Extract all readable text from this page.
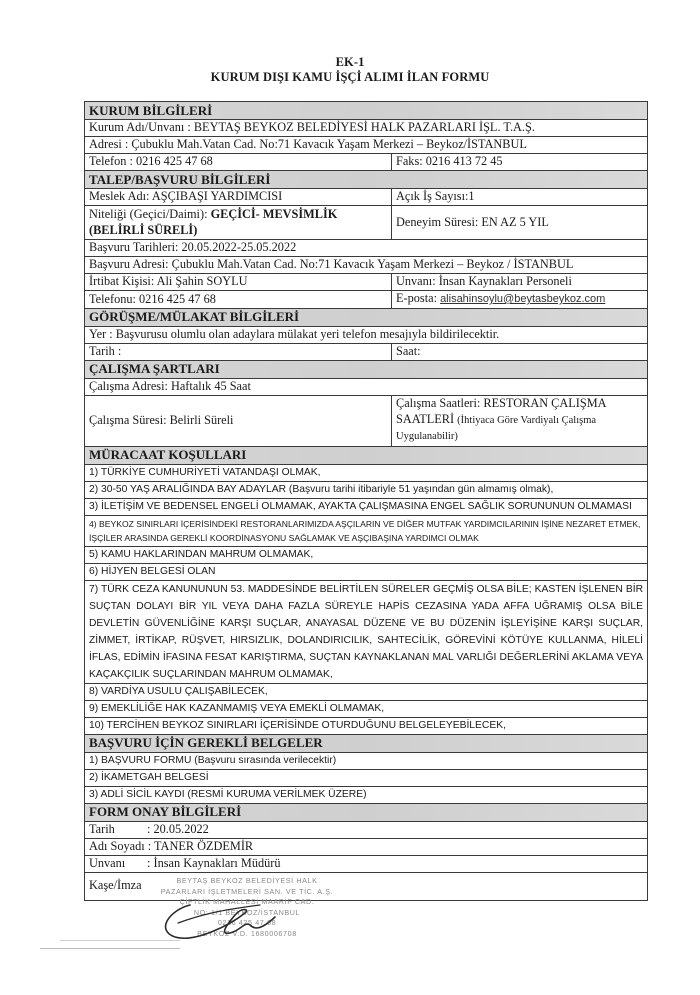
EK-1
KURUM DIŞI KAMU İŞÇİ ALIMI İLAN FORMU
KURUM BİLGİLERİ	
Kurum Adı/Unvanı : BEYTAŞ BEYKOZ BELEDİYESİ HALK PAZARLARI İŞL. T.A.Ş.	
Adresi : Çubuklu Mah.Vatan Cad. No:71 Kavacık Yaşam Merkezi – Beykoz/İSTANBUL	
Telefon : 0216 425 47 68	Faks: 0216 413 72 45
TALEP/BAŞVURU BİLGİLERİ	
Meslek Adı: AŞÇIBAŞI YARDIMCISI	Açık İş Sayısı:1
Niteliği (Geçici/Daimi): GEÇİCİ- MEVSİMLİK (BELİRLİ SÜRELİ)	Deneyim Süresi: EN AZ 5 YIL
Başvuru Tarihleri: 20.05.2022-25.05.2022	
Başvuru Adresi: Çubuklu Mah.Vatan Cad. No:71 Kavacık Yaşam Merkezi – Beykoz / İSTANBUL	
İrtibat Kişisi: Ali Şahin SOYLU	Unvanı: İnsan Kaynakları Personeli
Telefonu: 0216 425 47 68	E-posta: alisahinsoylu@beytasbeykoz.com
GÖRÜŞME/MÜLAKAT BİLGİLERİ	
Yer : Başvurusu olumlu olan adaylara mülakat yeri telefon mesajıyla bildirilecektir.	
Tarih :	Saat:
ÇALIŞMA ŞARTLARI	
Çalışma Adresi: Haftalık 45 Saat	
Çalışma Süresi: Belirli Süreli	Çalışma Saatleri: RESTORAN ÇALIŞMA
SAATLERİ (İhtiyaca Göre Vardiyalı Çalışma Uygulanabilir)
MÜRACAAT KOŞULLARI	
1) TÜRKİYE CUMHURİYETİ VATANDAŞI OLMAK,	
2) 30-50 YAŞ ARALIĞINDA BAY ADAYLAR (Başvuru tarihi itibariyle 51 yaşından gün almamış olmak),	
3) İLETİŞİM VE BEDENSEL ENGELİ OLMAMAK, AYAKTA ÇALIŞMASINA ENGEL SAĞLIK SORUNUNUN OLMAMASI	
4) BEYKOZ SINIRLARI İÇERİSİNDEKİ RESTORANLARIMIZDA AŞÇILARIN VE DİĞER MUTFAK YARDIMCILARININ İŞİNE NEZARET ETMEK, İŞÇİLER ARASINDA GEREKLİ KOORDİNASYONU SAĞLAMAK VE AŞÇIBAŞINA YARDIMCI OLMAK	
5) KAMU HAKLARINDAN MAHRUM OLMAMAK,	
6) HİJYEN BELGESİ OLAN	
7) TÜRK CEZA KANUNUNUN 53. MADDESİNDE BELİRTİLEN SÜRELER GEÇMİŞ OLSA BİLE; KASTEN İŞLENEN BİR SUÇTAN DOLAYI BİR YIL VEYA DAHA FAZLA SÜREYLE HAPİS CEZASINA YADA AFFA UĞRAMIŞ OLSA BİLE DEVLETİN GÜVENLİĞİNE KARŞI SUÇLAR, ANAYASAL DÜZENE VE BU DÜZENİN İŞLEYİŞİNE KARŞI SUÇLAR, ZİMMET, İRTİKAP, RÜŞVET, HIRSIZLIK, DOLANDIRICILIK, SAHTECİLİK, GÖREVİNİ KÖTÜYE KULLANMA, HİLELİ İFLAS, EDİMİN İFASINA FESAT KARIŞTIRMA, SUÇTAN KAYNAKLANAN MAL VARLIĞI DEĞERLERİNİ AKLAMA VEYA KAÇAKÇILIK SUÇLARINDAN MAHRUM OLMAMAK,	
8) VARDİYA USULU ÇALIŞABİLECEK,	
9) EMEKLİLİĞE HAK KAZANMAMIŞ VEYA EMEKLİ OLMAMAK,	
10) TERCİHEN BEYKOZ SINIRLARI İÇERİSİNDE OTURDUĞUNU BELGELEYEBİLECEK,	
BAŞVURU İÇİN GEREKLİ BELGELER	
1) BAŞVURU FORMU (Başvuru sırasında verilecektir)	
2) İKAMETGAH BELGESİ	
3) ADLİ SİCİL KAYDI (RESMİ KURUMA VERİLMEK ÜZERE)	
FORM ONAY BİLGİLERİ	
Tarih : 20.05.2022	
Adı Soyadı : TANER ÖZDEMİR	
Unvanı : İnsan Kaynakları Müdürü	
Kaşe/İmza		BEYTAŞ BEYKOZ BELEDİYESİ HALK
PAZARLARI İŞLETMELERİ SAN. VE TİC. A.Ş.
ÇİFTLİK MAHALLESİ MAARİF CAD.
NO: 1/1 BEYKOZ/İSTANBUL
0216 425 47 68
BEYKOZ V.D. 1680006708
